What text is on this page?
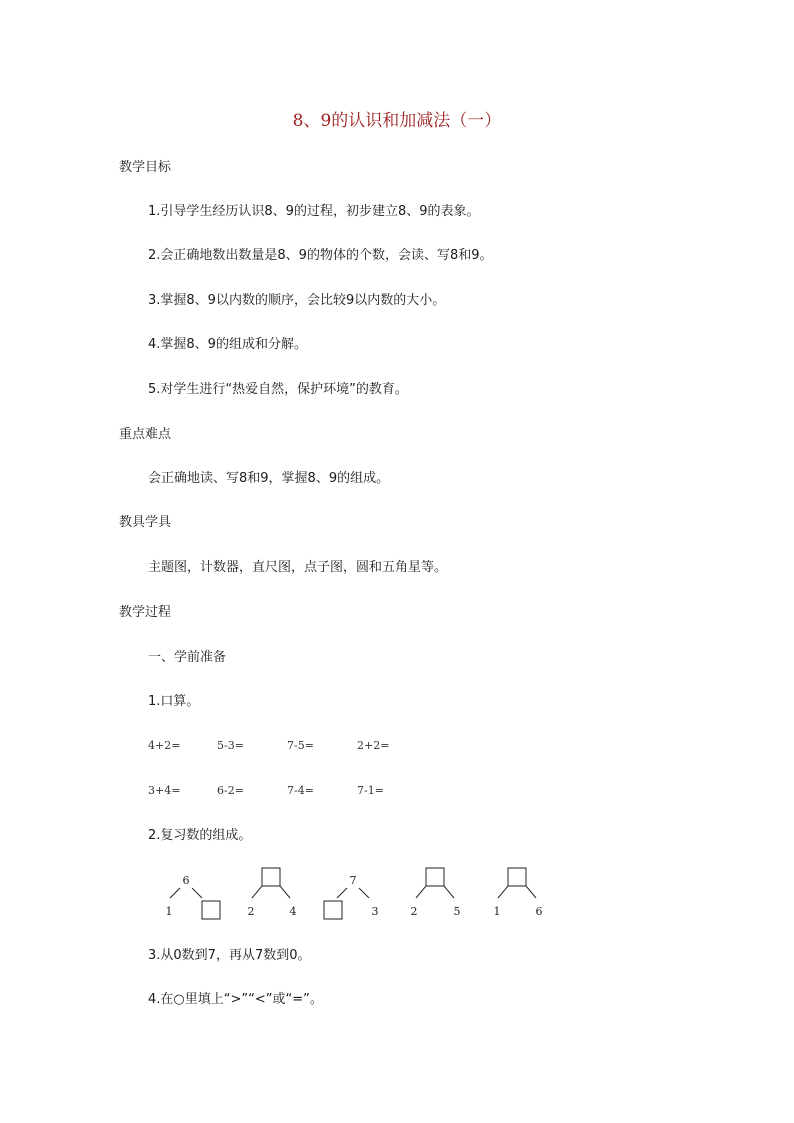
8、9的认识和加减法（一）
教学目标
1.引导学生经历认识8、9的过程，初步建立8、9的表象。
2.会正确地数出数量是8、9的物体的个数，会读、写8和9。
3.掌握8、9以内数的顺序，会比较9以内数的大小。
4.掌握8、9的组成和分解。
5.对学生进行“热爱自然，保护环境”的教育。
重点难点
会正确地读、写8和9，掌握8、9的组成。
教具学具
主题图，计数器，直尺图，点子图，圆和五角星等。
教学过程
一、学前准备
1.口算。
4+2=	5-3=	7-5=	2+2=
3+4=	6-2=	7-4=	7-1=
2.复习数的组成。
6
1	2	4
7
3	2	5	1	6
3.从0数到7，再从7数到0。
4.在○里填上“>”“<”或“=”。
